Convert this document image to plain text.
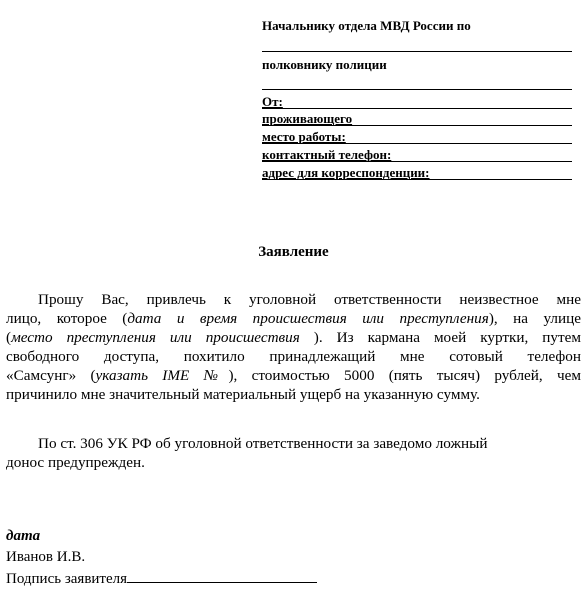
Начальнику отдела МВД России по
полковнику полиции
От:
проживающего
место работы:
контактный телефон:
адрес для корреспонденции:
Заявление
Прошу Вас, привлечь к уголовной ответственности неизвестное мне
лицо, которое (дата и время происшествия или преступления), на улице
(место преступления или происшествия ). Из кармана моей куртки, путем
свободного доступа, похитило принадлежащий мне сотовый телефон
«Самсунг» (указать IME №), стоимостью 5000 (пять тысяч) рублей, чем
причинило мне значительный материальный ущерб на указанную сумму.
По ст. 306 УК РФ об уголовной ответственности за заведомо ложный
донос предупрежден.
дата
Иванов И.В.
Подпись заявителя
